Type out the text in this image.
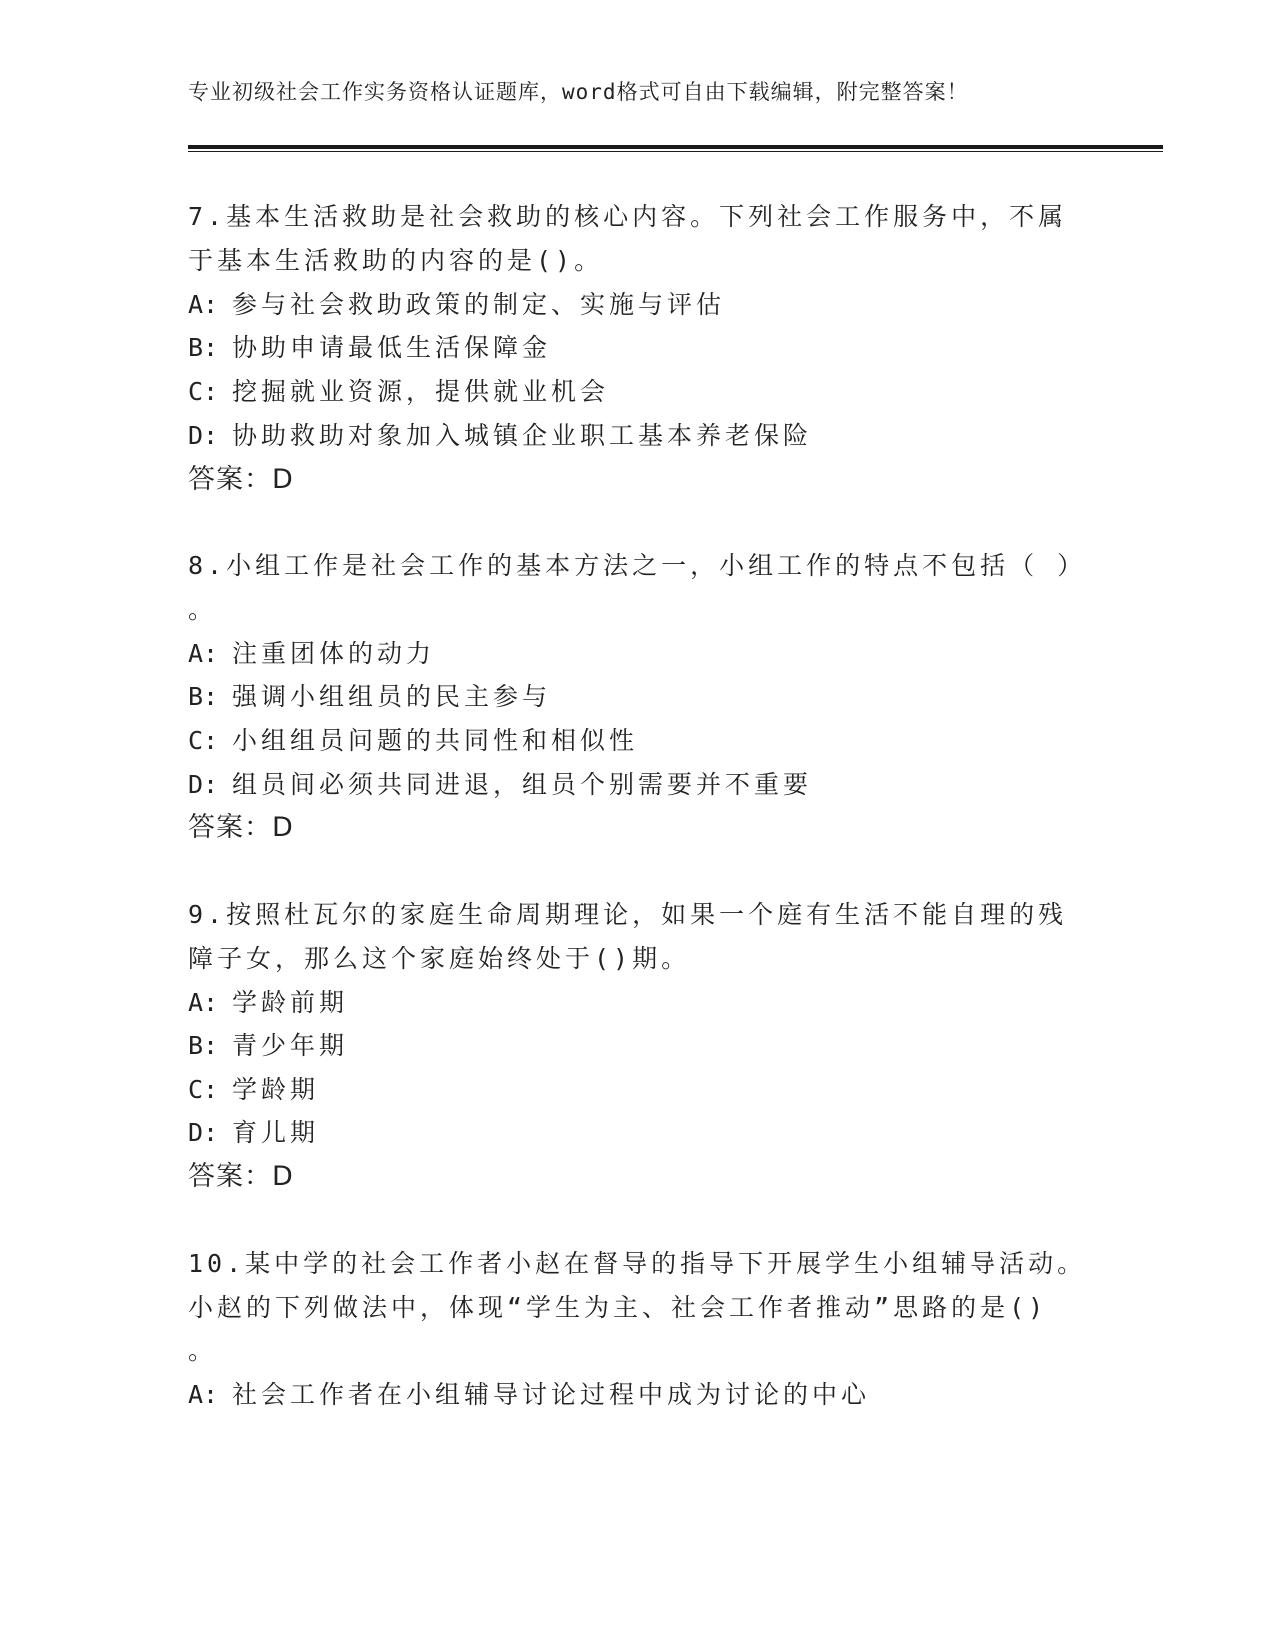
专业初级社会工作实务资格认证题库，word格式可自由下载编辑，附完整答案！
7.基本生活救助是社会救助的核心内容。下列社会工作服务中，不属
于基本生活救助的内容的是()。
A: 参与社会救助政策的制定、实施与评估
B: 协助申请最低生活保障金
C: 挖掘就业资源，提供就业机会
D: 协助救助对象加入城镇企业职工基本养老保险
答案：D
8.小组工作是社会工作的基本方法之一，小组工作的特点不包括（ ）
。
A: 注重团体的动力
B: 强调小组组员的民主参与
C: 小组组员问题的共同性和相似性
D: 组员间必须共同进退，组员个别需要并不重要
答案：D
9.按照杜瓦尔的家庭生命周期理论，如果一个庭有生活不能自理的残
障子女，那么这个家庭始终处于()期。
A: 学龄前期
B: 青少年期
C: 学龄期
D: 育儿期
答案：D
10.某中学的社会工作者小赵在督导的指导下开展学生小组辅导活动。
小赵的下列做法中，体现“学生为主、社会工作者推动”思路的是()
。
A: 社会工作者在小组辅导讨论过程中成为讨论的中心
